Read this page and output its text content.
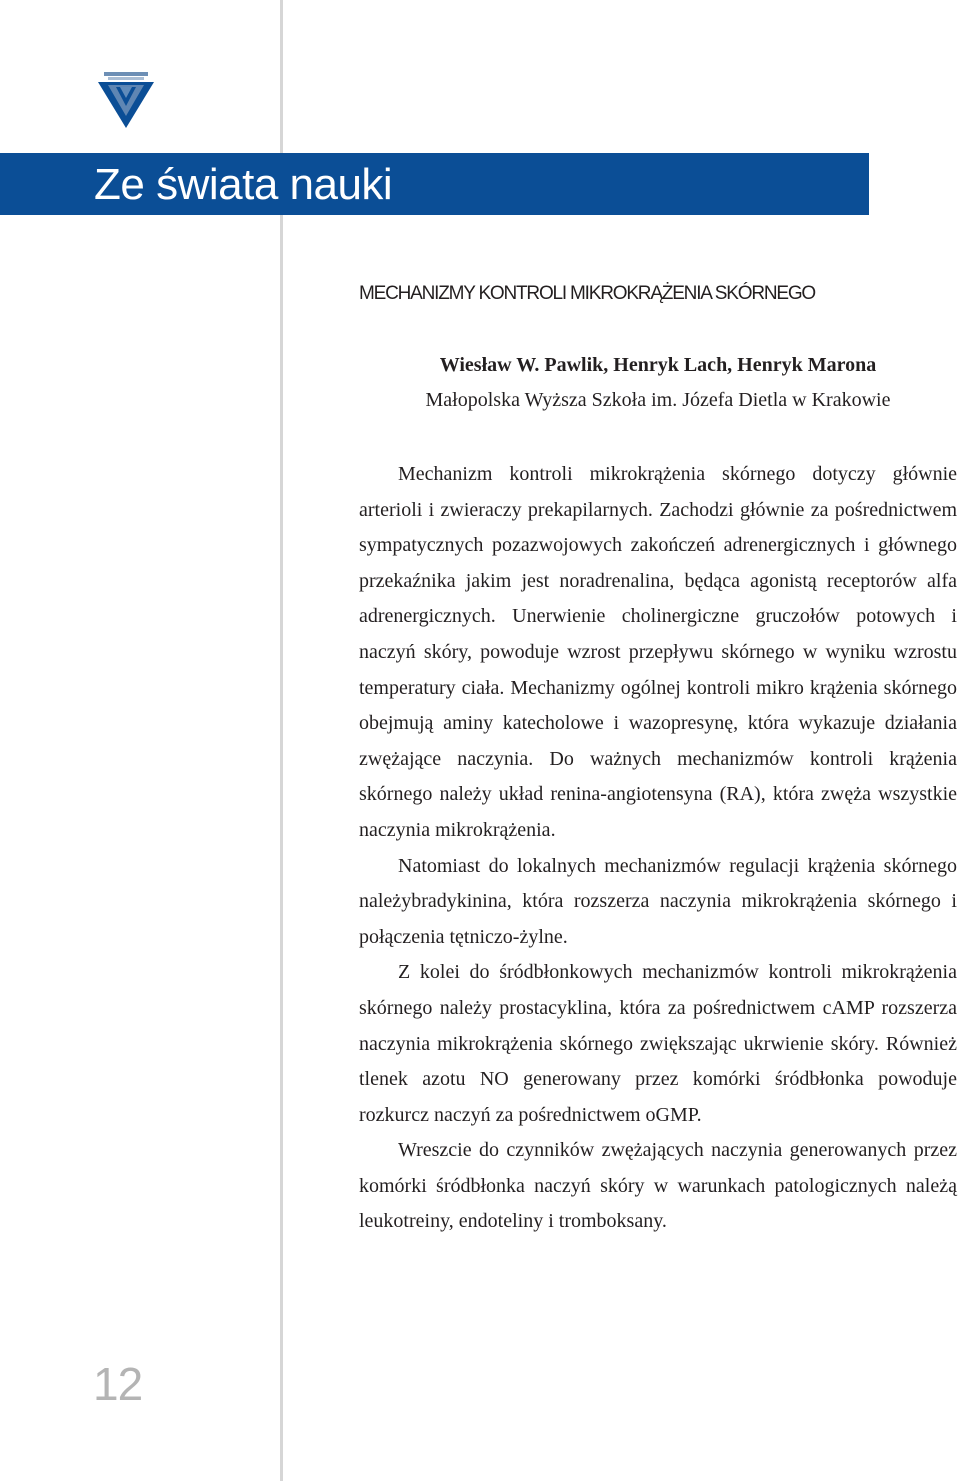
Ze świata nauki
MECHANIZMY KONTROLI MIKROKRĄŻENIA SKÓRNEGO
Wiesław W. Pawlik, Henryk Lach, Henryk Marona
Małopolska Wyższa Szkoła im. Józefa Dietla w Krakowie

Mechanizm kontroli mikrokrążenia skórnego dotyczy głównie arterioli i zwieraczy prekapilarnych. Zachodzi głównie za pośrednictwem sympatycznych pozazwojowych zakończeń adrenergicznych i głównego przekaźnika jakim jest noradrenalina, będąca agonistą receptorów alfa adrenergicznych. Unerwienie cholinergiczne gruczołów potowych i naczyń skóry, powoduje wzrost przepływu skórnego w wyniku wzrostu temperatury ciała. Mechanizmy ogólnej kontroli mikro krążenia skórnego obejmują aminy katecholowe i wazopresynę, która wykazuje działania zwężające naczynia. Do ważnych mechanizmów kontroli krążenia skórnego należy układ renina-angiotensyna (RA), która zwęża wszystkie naczynia mikrokrążenia.

Natomiast do lokalnych mechanizmów regulacji krążenia skórnego należybradykinina, która rozszerza naczynia mikrokrążenia skórnego i połączenia tętniczo-żylne.

Z kolei do śródbłonkowych mechanizmów kontroli mikrokrążenia skórnego należy prostacyklina, która za pośrednictwem cAMP rozszerza naczynia mikrokrążenia skórnego zwiększając ukrwienie skóry. Również tlenek azotu NO generowany przez komórki śródbłonka powoduje rozkurcz naczyń za pośrednictwem oGMP.

Wreszcie do czynników zwężających naczynia generowanych przez komórki śródbłonka naczyń skóry w warunkach patologicznych należą leukotreiny, endoteliny i tromboksany.

12
